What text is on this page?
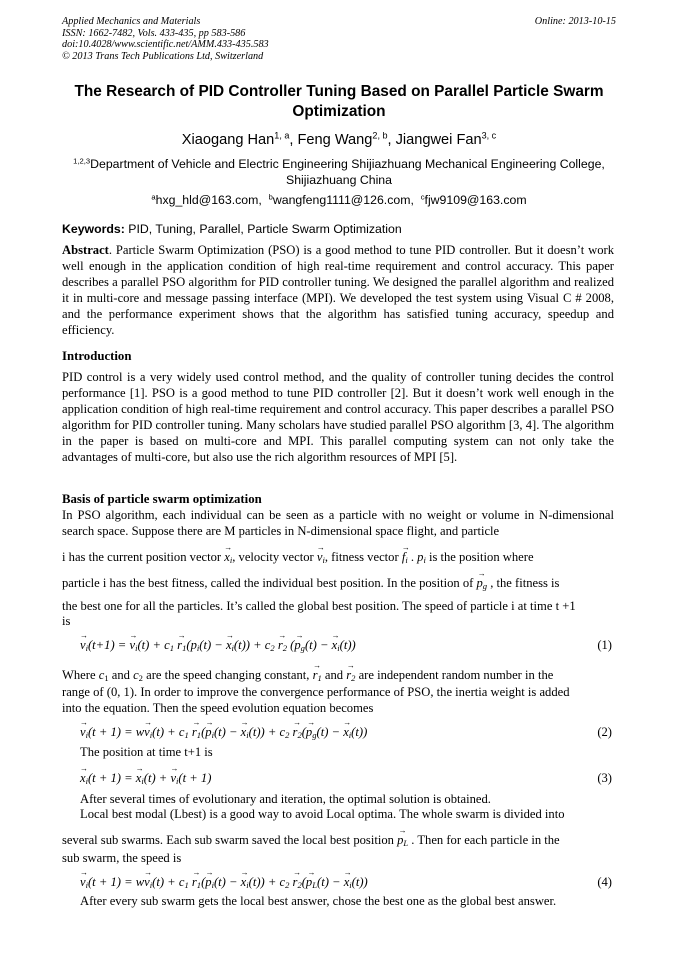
Applied Mechanics and Materials
ISSN: 1662-7482, Vols. 433-435, pp 583-586
doi:10.4028/www.scientific.net/AMM.433-435.583
© 2013 Trans Tech Publications Ltd, Switzerland
Online: 2013-10-15
The Research of PID Controller Tuning Based on Parallel Particle Swarm Optimization
Xiaogang Han$^{1, a}$, Feng Wang$^{2, b}$, Jiangwei Fan$^{3, c}$
$^{1,2,3}$Department of Vehicle and Electric Engineering Shijiazhuang Mechanical Engineering College, Shijiazhuang China
$^a$hxg_hld@163.com, $^b$wangfeng1111@126.com, $^c$fjw9109@163.com
Keywords: PID, Tuning, Parallel, Particle Swarm Optimization
Abstract. Particle Swarm Optimization (PSO) is a good method to tune PID controller. But it doesn’t work well enough in the application condition of high real-time requirement and control accuracy. This paper describes a parallel PSO algorithm for PID controller tuning. We designed the parallel algorithm and realized it in multi-core and message passing interface (MPI). We developed the test system using Visual C # 2008, and the performance experiment shows that the algorithm has satisfied tuning accuracy, speedup and efficiency.
Introduction
PID control is a very widely used control method, and the quality of controller tuning decides the control performance [1]. PSO is a good method to tune PID controller [2]. But it doesn’t work well enough in the application condition of high real-time requirement and control accuracy. This paper describes a parallel PSO algorithm for PID controller tuning. Many scholars have studied parallel PSO algorithm [3, 4]. The algorithm in the paper is based on multi-core and MPI. This parallel computing system can not only take the advantages of multi-core, but also use the rich algorithm resources of MPI [5].
Basis of particle swarm optimization
In PSO algorithm, each individual can be seen as a particle with no weight or volume in N-dimensional search space. Suppose there are M particles in N-dimensional space flight, and particle
i has the current position vector → $x_i$, velocity vector → $v_i$, fitness vector → $f_i$ . $p_i$ is the position where
particle i has the best fitness, called the individual best position. In the position of → $p_g$ , the fitness is
the best one for all the particles. It’s called the global best position. The speed of particle i at time t +1
is
→ $v_i(t+1)$ = → $v_i(t) + c_1 \to r_1(p_i(t)$ − → $x_i(t)) + c_2 \to r_2$ (→ $p_g(t)$ − → $x_i(t)$)	(1)
Where $c_1$ and $c_2$ are the speed changing constant, → $r_1$ and → $r_2$ are independent random number in the
range of (0, 1). In order to improve the convergence performance of PSO, the inertia weight is added
into the equation. Then the speed evolution equation becomes
→ $v_i(t + 1) = w\to v_i(t) + c_1 \to r_1(\to p_i(t)$ − → $x_i(t)) + c_2 \to r_2(\to p_g(t)$ − → $x_i(t)$)	(2)
The position at time t+1 is
→ $x_i(t + 1)$ = → $x_i(t)$ + → $v_i(t + 1)$	(3)
After several times of evolutionary and iteration, the optimal solution is obtained.
Local best modal (Lbest) is a good way to avoid Local optima. The whole swarm is divided into
several sub swarms. Each sub swarm saved the local best position → $p_L$ . Then for each particle in the
sub swarm, the speed is
→ $v_i(t + 1) = w\to v_i(t) + c_1 \to r_1(\to p_i(t)$ − → $x_i(t)) + c_2 \to r_2(\to p_L(t)$ − → $x_i(t)$)	(4)
After every sub swarm gets the local best answer, chose the best one as the global best answer.
